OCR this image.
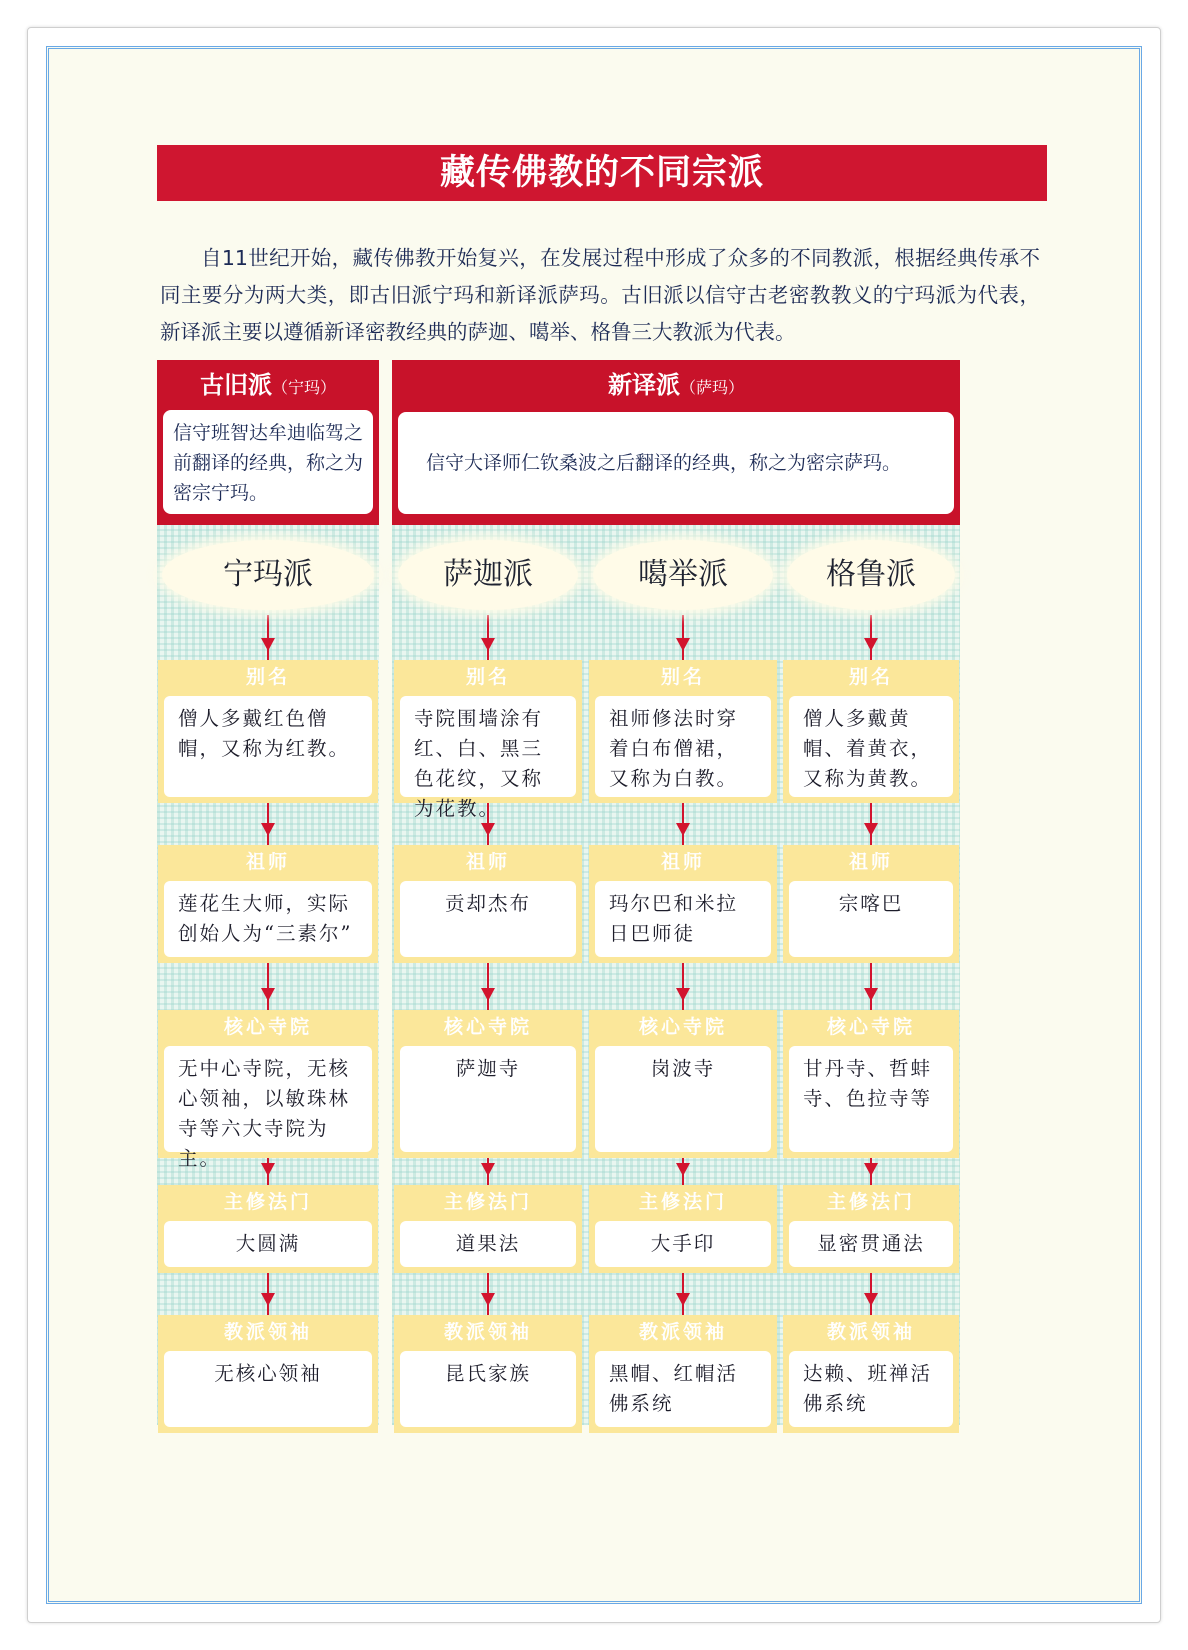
藏传佛教的不同宗派

自11世纪开始，藏传佛教开始复兴，在发展过程中形成了众多的不同教派，根据经典传承不同主要分为两大类，即古旧派宁玛和新译派萨玛。古旧派以信守古老密教教义的宁玛派为代表，新译派主要以遵循新译密教经典的萨迦、噶举、格鲁三大教派为代表。

古旧派（宁玛）
信守班智达牟迪临驾之前翻译的经典，称之为密宗宁玛。
新译派（萨玛）
信守大译师仁钦桑波之后翻译的经典，称之为密宗萨玛。
宁玛派
别名
僧人多戴红色僧帽，又称为红教。
祖师
莲花生大师，实际创始人为“三素尔”
核心寺院
无中心寺院，无核心领袖，以敏珠林寺等六大寺院为主。
主修法门
大圆满
教派领袖
无核心领袖
萨迦派
别名
寺院围墙涂有红、白、黑三色花纹，又称为花教。
祖师
贡却杰布
核心寺院
萨迦寺
主修法门
道果法
教派领袖
昆氏家族
噶举派
别名
祖师修法时穿着白布僧裙，又称为白教。
祖师
玛尔巴和米拉日巴师徒
核心寺院
岗波寺
主修法门
大手印
教派领袖
黑帽、红帽活佛系统
格鲁派
别名
僧人多戴黄帽、着黄衣，又称为黄教。
祖师
宗喀巴
核心寺院
甘丹寺、哲蚌寺、色拉寺等
主修法门
显密贯通法
教派领袖
达赖、班禅活佛系统
